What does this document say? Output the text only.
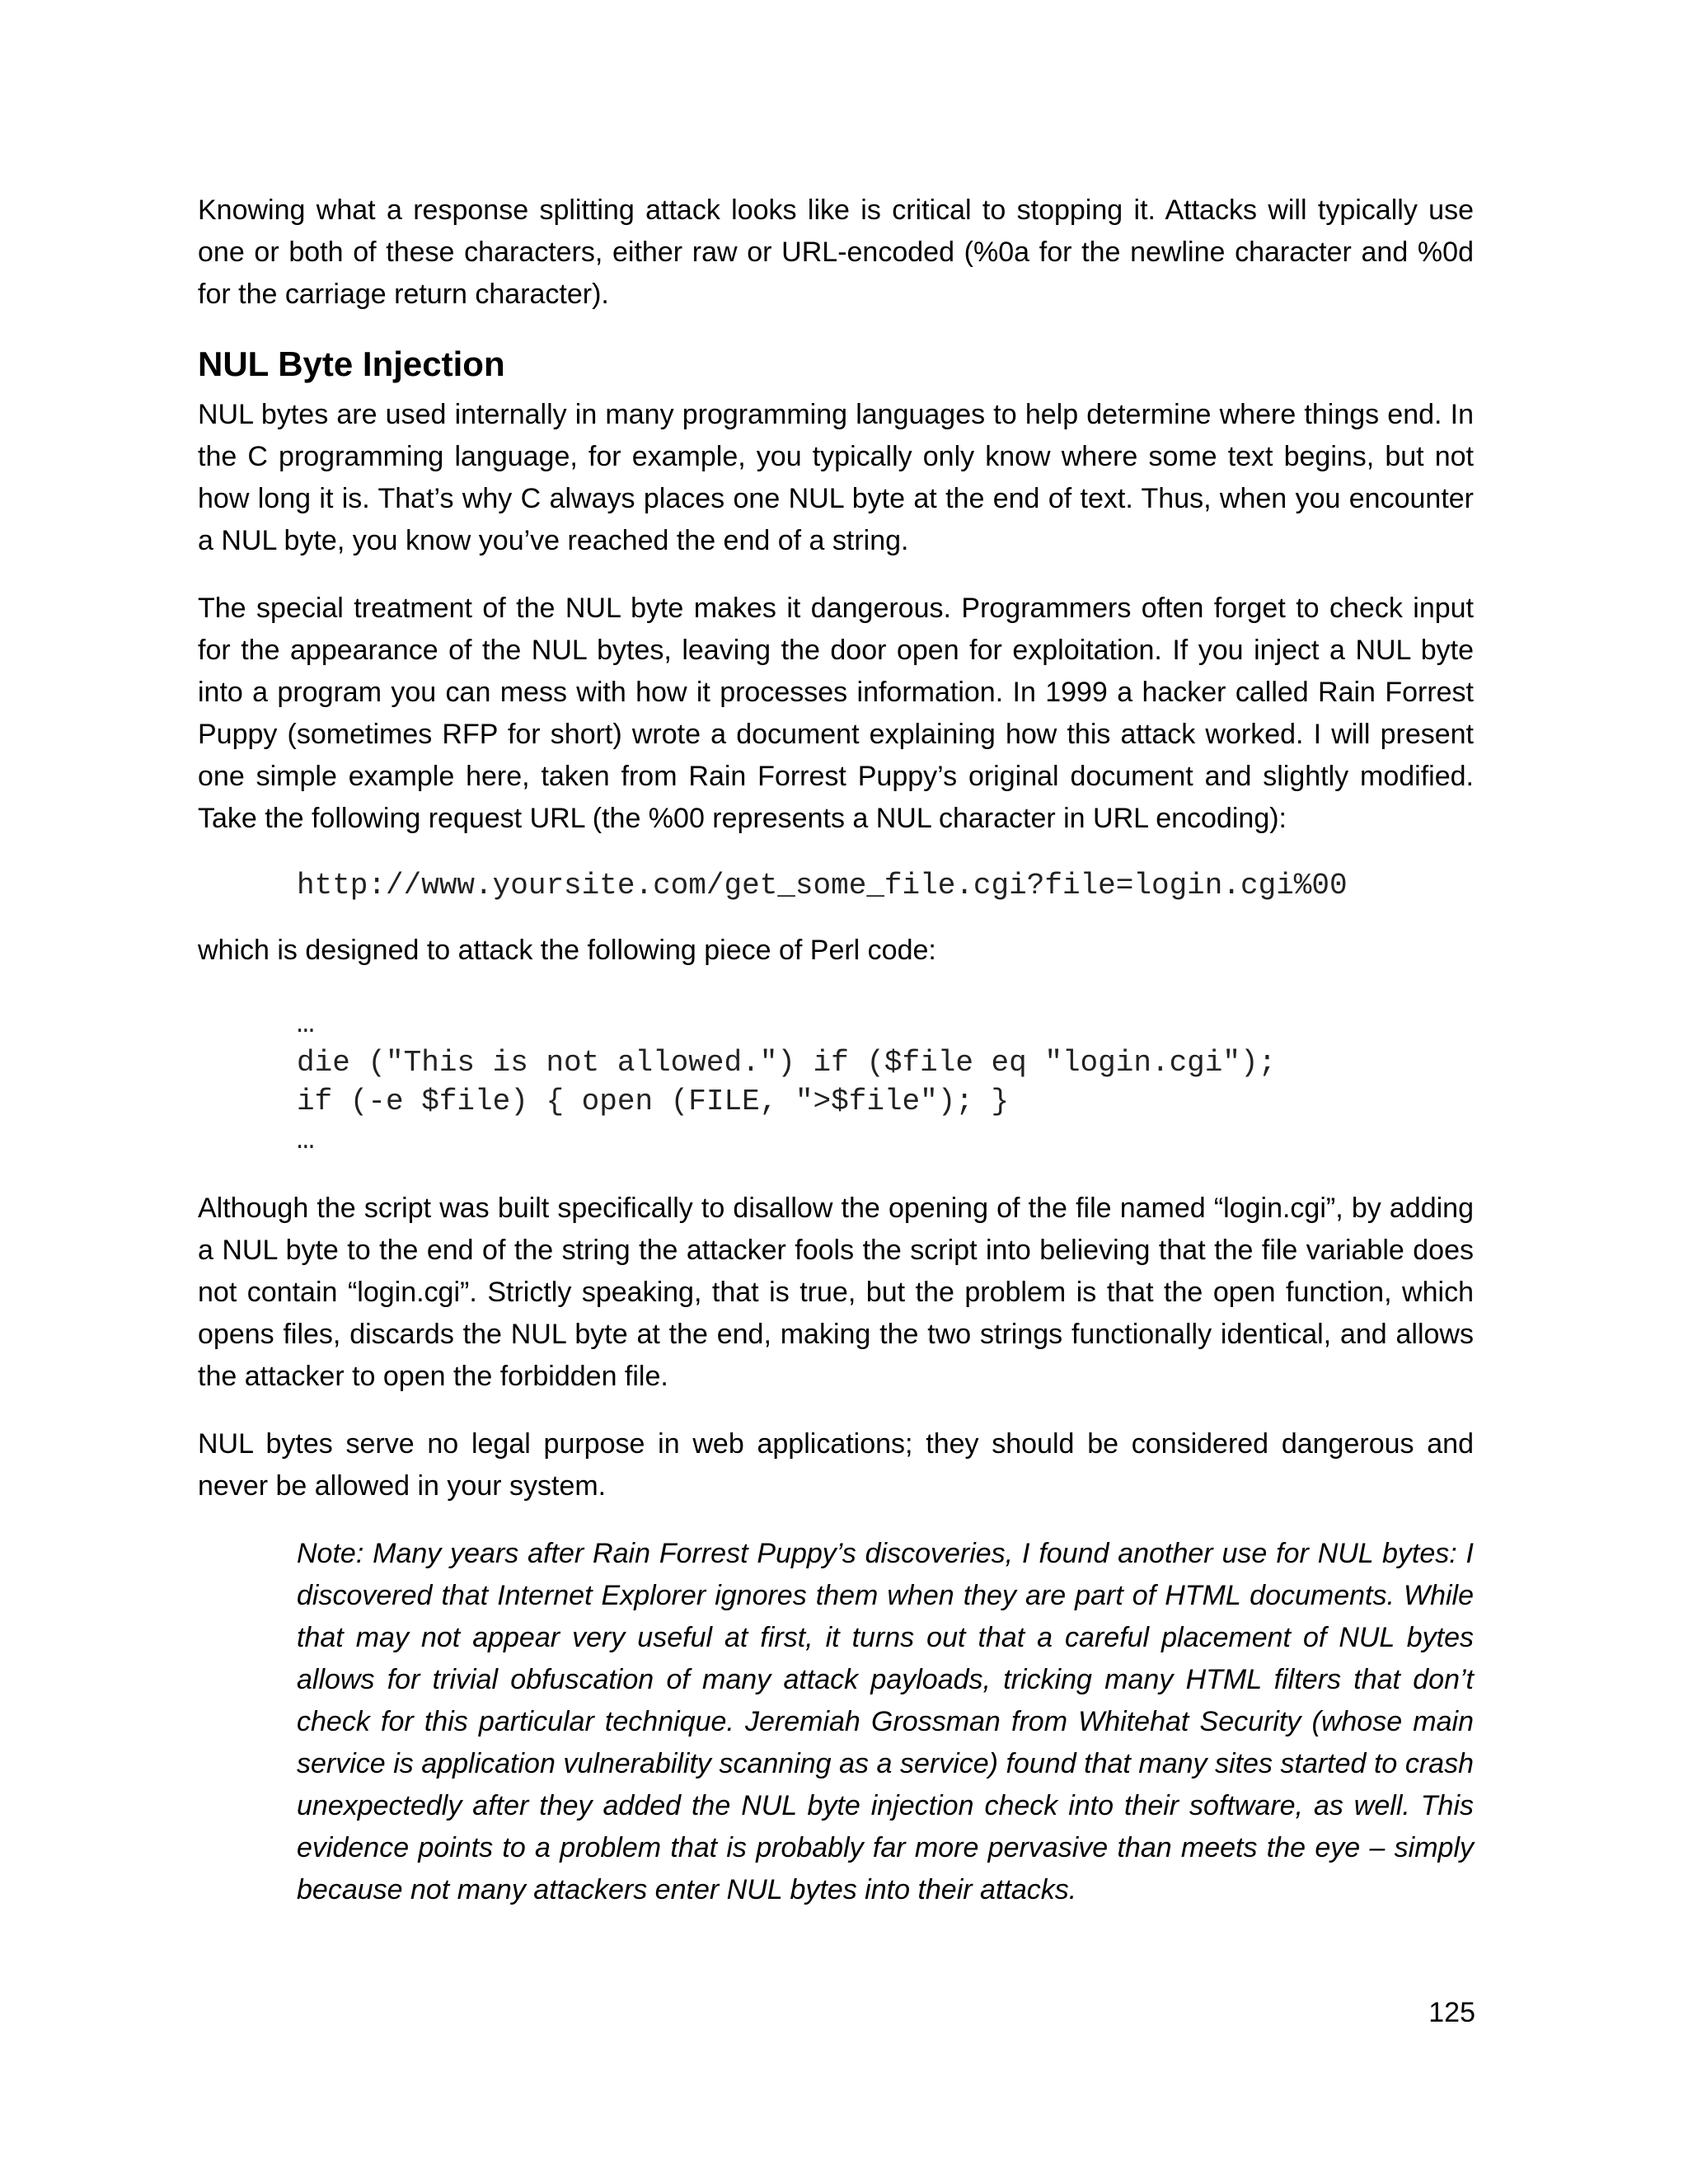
Knowing what a response splitting attack looks like is critical to stopping it. Attacks will typically use one or both of these characters, either raw or URL-encoded (%0a for the newline character and %0d for the carriage return character).

NUL Byte Injection

NUL bytes are used internally in many programming languages to help determine where things end. In the C programming language, for example, you typically only know where some text begins, but not how long it is. That’s why C always places one NUL byte at the end of text. Thus, when you encounter a NUL byte, you know you’ve reached the end of a string.

The special treatment of the NUL byte makes it dangerous. Programmers often forget to check input for the appearance of the NUL bytes, leaving the door open for exploitation. If you inject a NUL byte into a program you can mess with how it processes information. In 1999 a hacker called Rain Forrest Puppy (sometimes RFP for short) wrote a document explaining how this attack worked. I will present one simple example here, taken from Rain Forrest Puppy’s original document and slightly modified. Take the following request URL (the %00 represents a NUL character in URL encoding):

http://www.yoursite.com/get_some_file.cgi?file=login.cgi%00

which is designed to attack the following piece of Perl code:

…
die ("This is not allowed.") if ($file eq "login.cgi");
if (-e $file) { open (FILE, ">$file"); }
…

Although the script was built specifically to disallow the opening of the file named “login.cgi”, by adding a NUL byte to the end of the string the attacker fools the script into believing that the file variable does not contain “login.cgi”. Strictly speaking, that is true, but the problem is that the open function, which opens files, discards the NUL byte at the end, making the two strings functionally identical, and allows the attacker to open the forbidden file.

NUL bytes serve no legal purpose in web applications; they should be considered dangerous and never be allowed in your system.

Note: Many years after Rain Forrest Puppy’s discoveries, I found another use for NUL bytes: I discovered that Internet Explorer ignores them when they are part of HTML documents. While that may not appear very useful at first, it turns out that a careful placement of NUL bytes allows for trivial obfuscation of many attack payloads, tricking many HTML filters that don’t check for this particular technique. Jeremiah Grossman from Whitehat Security (whose main service is application vulnerability scanning as a service) found that many sites started to crash unexpectedly after they added the NUL byte injection check into their software, as well. This evidence points to a problem that is probably far more pervasive than meets the eye – simply because not many attackers enter NUL bytes into their attacks.

125
